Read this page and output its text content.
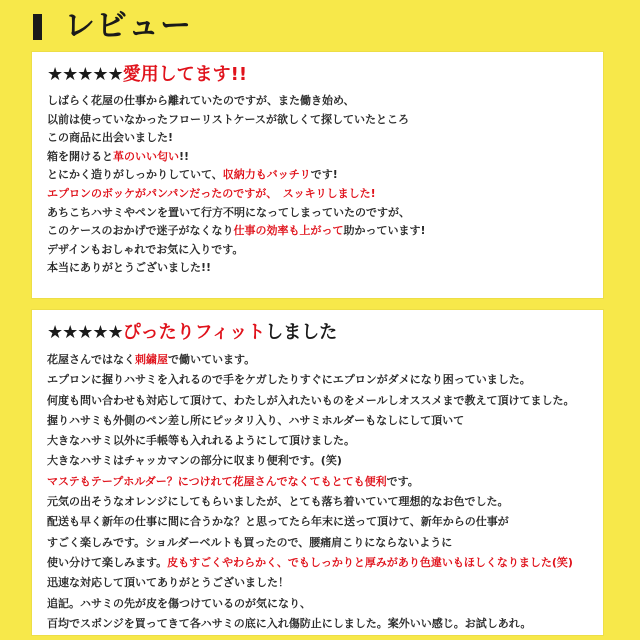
レビュー
★★★★★愛用してます!!
しばらく花屋の仕事から離れていたのですが、また働き始め、
以前は使っていなかったフローリストケースが欲しくて探していたところ
この商品に出会いました!
箱を開けると革のいい匂い!!
とにかく造りがしっかりしていて、収納力もバッチリです!
エプロンのボッケがパンパンだったのですが、　 スッキリしました!
あちこちハサミやペンを置いて行方不明になってしまっていたのですが、
このケースのおかげで迷子がなくなり仕事の効率も上がって助かっています!
デザインもおしゃれでお気に入りです。
本当にありがとうございました!!
★★★★★ぴったりフィットしました
花屋さんではなく刺繍屋で働いています。
エプロンに握りハサミを入れるので手をケガしたりすぐにエプロンがダメになり困っていました。
何度も問い合わせも対応して頂けて、わたしが入れたいものをメールしオススメまで教えて頂けてました。
握りハサミも外側のペン差し所にピッタリ入り、ハサミホルダーもなしにして頂いて
大きなハサミ以外に手帳等も入れれるようにして頂けました。
大きなハサミはチャッカマンの部分に収まり便利です。(笑)
マステもテープホルダー？につけれて花屋さんでなくてもとても便利です。
元気の出そうなオレンジにしてもらいましたが、とても落ち着いていて理想的なお色でした。
配送も早く新年の仕事に間に合うかな？と思ってたら年末に送って頂けて、新年からの仕事が
すごく楽しみです。ショルダーベルトも買ったので、腰痛肩こりにならないように
使い分けて楽しみます。皮もすごくやわらかく、でもしっかりと厚みがあり色違いもほしくなりました(笑)
迅速な対応して頂いてありがとうございました！
追記。ハサミの先が皮を傷つけているのが気になり、
百均でスポンジを買ってきて各ハサミの底に入れ傷防止にしました。案外いい感じ。お試しあれ。
